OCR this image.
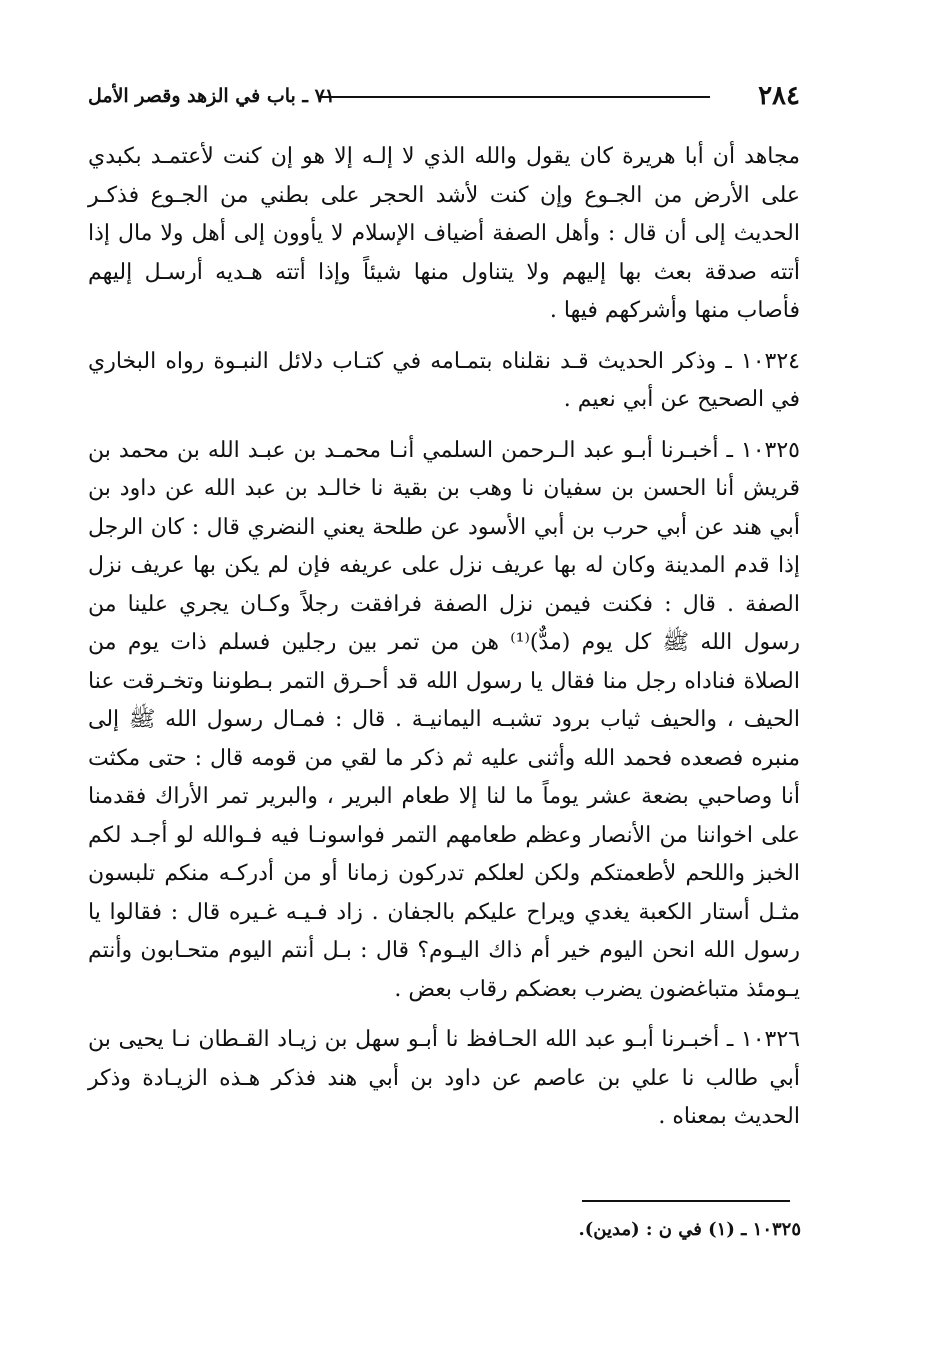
٢٨٤
٧١ ـ باب في الزهد وقصر الأمل

مجاهد أن أبا هريرة كان يقول والله الذي لا إلـه إلا هو إن كنت لأعتمـد بكبدي على الأرض من الجـوع وإن كنت لأشد الحجر على بطني من الجـوع فذكـر الحديث إلى أن قال : وأهل الصفة أضياف الإسلام لا يأوون إلى أهل ولا مال إذا أتته صدقة بعث بها إليهم ولا يتناول منها شيئاً وإذا أتته هـديه أرسـل إليهم فأصاب منها وأشركهم فيها .

١٠٣٢٤ ـ وذكر الحديث قـد نقلناه بتمـامه في كتـاب دلائل النبـوة رواه البخاري في الصحيح عن أبي نعيم .

١٠٣٢٥ ـ أخبـرنا أبـو عبد الـرحمن السلمي أنـا محمـد بن عبـد الله بن محمد بن قريش أنا الحسن بن سفيان نا وهب بن بقية نا خالـد بن عبد الله عن داود بن أبي هند عن أبي حرب بن أبي الأسود عن طلحة يعني النضري قال : كان الرجل إذا قدم المدينة وكان له بها عريف نزل على عريفه فإن لم يكن بها عريف نزل الصفة . قال : فكنت فيمن نزل الصفة فرافقت رجلاً وكـان يجري علينا من رسول الله ﷺ كل يوم (مدٌّ)⁽¹⁾ هن من تمر بين رجلين فسلم ذات يوم من الصلاة فناداه رجل منا فقال يا رسول الله قد أحـرق التمر بـطوننا وتخـرقت عنا الحيف ، والحيف ثياب برود تشبـه اليمانيـة . قال : فمـال رسول الله ﷺ إلى منبره فصعده فحمد الله وأثنى عليه ثم ذكر ما لقي من قومه قال : حتى مكثت أنا وصاحبي بضعة عشر يوماً ما لنا إلا طعام البرير ، والبرير تمر الأراك فقدمنا على اخواننا من الأنصار وعظم طعامهم التمر فواسونـا فيه فـوالله لو أجـد لكم الخبز واللحم لأطعمتكم ولكن لعلكم تدركون زمانا أو من أدركـه منكم تلبسون مثـل أستار الكعبة يغدي ويراح عليكم بالجفان . زاد فـيـه غـيره قال : فقالوا يا رسول الله انحن اليوم خير أم ذاك اليـوم؟ قال : بـل أنتم اليوم متحـابون وأنتم يـومئذ متباغضون يضرب بعضكم رقاب بعض .

١٠٣٢٦ ـ أخبـرنا أبـو عبد الله الحـافظ نا أبـو سهل بن زيـاد القـطان نـا يحيى بن أبي طالب نا علي بن عاصم عن داود بن أبي هند فذكر هـذه الزيـادة وذكر الحديث بمعناه .

١٠٣٢٥ ـ (١) في ن : (مدين).
